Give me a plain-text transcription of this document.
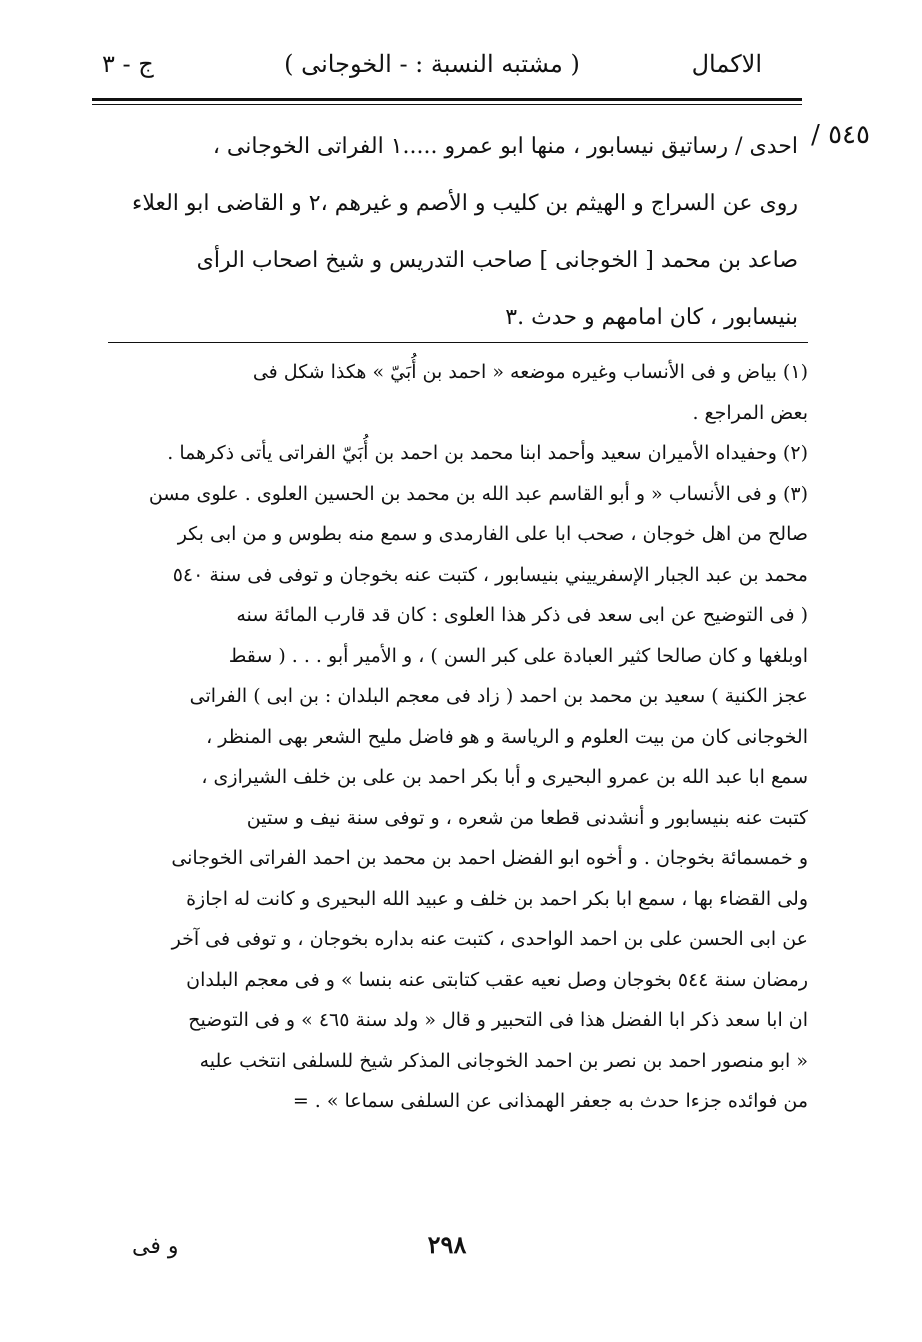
الاكمال
( مشتبه النسبة : - الخوجانى )
ج - ٣
٥٤٥ /
احدى / رساتيق نيسابور ، منها ابو عمرو .....١ الفراتى الخوجانى ،
روى عن السراج و الهيثم بن كليب و الأصم و غيرهم ،٢ و القاضى ابو العلاء
صاعد بن محمد [ الخوجانى ] صاحب التدريس و شيخ اصحاب الرأى
بنيسابور ، كان امامهم و حدث .٣
(١) بياض و فى الأنساب وغيره موضعه « احمد بن أُبَيّ » هكذا شكل فى
بعض المراجع .
(٢) وحفيداه الأميران سعيد وأحمد ابنا محمد بن احمد بن أُبَيّ الفراتى يأتى ذكرهما .
(٣) و فى الأنساب « و أبو القاسم عبد الله بن محمد بن الحسين العلوى . علوى مسن
صالح من اهل خوجان ، صحب ابا على الفارمدى و سمع منه بطوس و من ابى بكر
محمد بن عبد الجبار الإسفرييني بنيسابور ، كتبت عنه بخوجان و توفى فى سنة ٥٤٠
( فى التوضيح عن ابى سعد فى ذكر هذا العلوى : كان قد قارب المائة سنه
اوبلغها و كان صالحا كثير العبادة على كبر السن ) ، و الأمير أبو . . . ( سقط
عجز الكنية ) سعيد بن محمد بن احمد ( زاد فى معجم البلدان : بن ابى ) الفراتى
الخوجانى كان من بيت العلوم و الرياسة و هو فاضل مليح الشعر بهى المنظر ،
سمع ابا عبد الله بن عمرو البحيرى و أبا بكر احمد بن على بن خلف الشيرازى ،
كتبت عنه بنيسابور و أنشدنى قطعا من شعره ، و توفى سنة نيف و ستين
و خمسمائة بخوجان . و أخوه ابو الفضل احمد بن محمد بن احمد الفراتى الخوجانى
ولى القضاء بها ، سمع ابا بكر احمد بن خلف و عبيد الله البحيرى و كانت له اجازة
عن ابى الحسن على بن احمد الواحدى ، كتبت عنه بداره بخوجان ، و توفى فى آخر
رمضان سنة ٥٤٤ بخوجان وصل نعيه عقب كتابتى عنه بنسا » و فى معجم البلدان
ان ابا سعد ذكر ابا الفضل هذا فى التحبير و قال « ولد سنة ٤٦٥ » و فى التوضيح
« ابو منصور احمد بن نصر بن احمد الخوجانى المذكر شيخ للسلفى انتخب عليه
من فوائده جزءا حدث به جعفر الهمذانى عن السلفى سماعا » . =
٢٩٨
و فى
